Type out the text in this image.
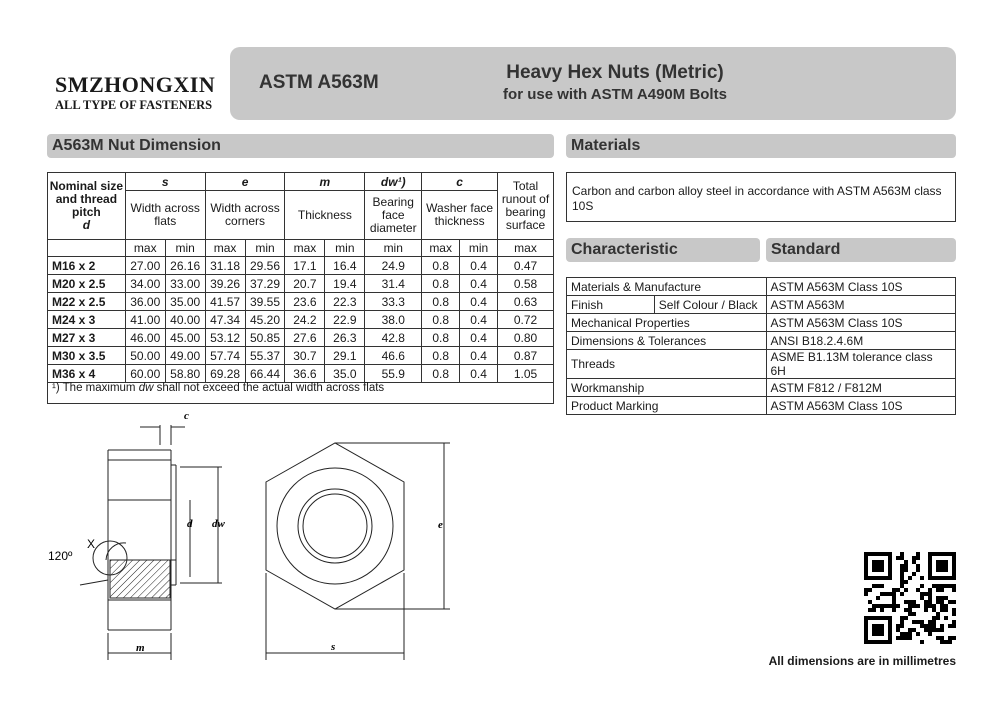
SMZHONGXIN
ALL TYPE OF FASTENERS
ASTM A563M	Heavy Hex Nuts (Metric)
for use with ASTM A490M Bolts
A563M Nut Dimension
Nominal size and thread pitch
d	s		e		m		dw¹)	c		Total runout of bearing surface
	Width across flats		Width across corners		Thickness		Bearing face diameter	Washer face thickness		
	max	min	max	min	max	min	min	max	min	max
M16 x 2	27.00	26.16	31.18	29.56	17.1	16.4	24.9	0.8	0.4	0.47
M20 x 2.5	34.00	33.00	39.26	37.29	20.7	19.4	31.4	0.8	0.4	0.58
M22 x 2.5	36.00	35.00	41.57	39.55	23.6	22.3	33.3	0.8	0.4	0.63
M24 x 3	41.00	40.00	47.34	45.20	24.2	22.9	38.0	0.8	0.4	0.72
M27 x 3	46.00	45.00	53.12	50.85	27.6	26.3	42.8	0.8	0.4	0.80
M30 x 3.5	50.00	49.00	57.74	55.37	30.7	29.1	46.6	0.8	0.4	0.87
M36 x 4	60.00	58.80	69.28	66.44	36.6	35.0	55.9	0.8	0.4	1.05
¹) The maximum dw shall not exceed the actual width across flats
Materials
Carbon and carbon alloy steel in accordance with ASTM A563M class 10S
Characteristic	Standard
Materials & Manufacture		ASTM A563M Class 10S
Finish	Self Colour / Black	ASTM A563M
Mechanical Properties		ASTM A563M Class 10S
Dimensions & Tolerances		ANSI B18.2.4.6M
Threads		ASME B1.13M tolerance class 6H
Workmanship		ASTM F812 / F812M
Product Marking		ASTM A563M Class 10S
c
m	s
e
d dw
X
120º
All dimensions are in millimetres
